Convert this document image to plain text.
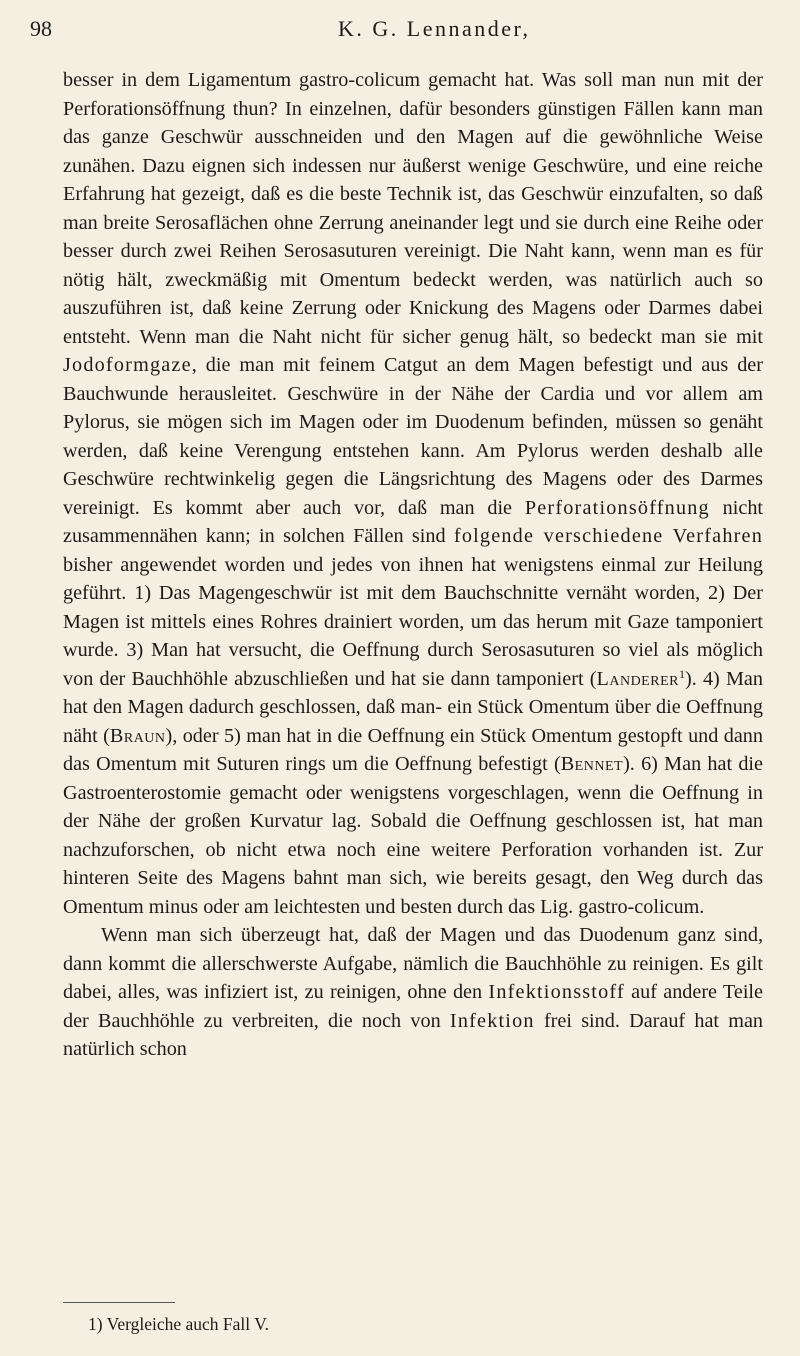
98	K. G. Lennander,

besser in dem Ligamentum gastro-colicum gemacht hat. Was soll man nun mit der Perforationsöffnung thun? In einzelnen, dafür besonders günstigen Fällen kann man das ganze Geschwür ausschneiden und den Magen auf die gewöhnliche Weise zunähen. Dazu eignen sich indessen nur äußerst wenige Geschwüre, und eine reiche Erfahrung hat gezeigt, daß es die beste Technik ist, das Geschwür einzufalten, so daß man breite Serosaflächen ohne Zerrung aneinander legt und sie durch eine Reihe oder besser durch zwei Reihen Serosasuturen vereinigt. Die Naht kann, wenn man es für nötig hält, zweckmäßig mit Omentum bedeckt werden, was natürlich auch so auszuführen ist, daß keine Zerrung oder Knickung des Magens oder Darmes dabei entsteht. Wenn man die Naht nicht für sicher genug hält, so bedeckt man sie mit Jodoformgaze, die man mit feinem Catgut an dem Magen befestigt und aus der Bauchwunde herausleitet. Geschwüre in der Nähe der Cardia und vor allem am Pylorus, sie mögen sich im Magen oder im Duodenum befinden, müssen so genäht werden, daß keine Verengung entstehen kann. Am Pylorus werden deshalb alle Geschwüre rechtwinkelig gegen die Längsrichtung des Magens oder des Darmes vereinigt. Es kommt aber auch vor, daß man die Perforationsöffnung nicht zusammennähen kann; in solchen Fällen sind folgende verschiedene Verfahren bisher angewendet worden und jedes von ihnen hat wenigstens einmal zur Heilung geführt. 1) Das Magengeschwür ist mit dem Bauchschnitte vernäht worden, 2) Der Magen ist mittels eines Rohres drainiert worden, um das herum mit Gaze tamponiert wurde. 3) Man hat versucht, die Oeffnung durch Serosasuturen so viel als möglich von der Bauchhöhle abzuschließen und hat sie dann tamponiert (Landerer$^1$). 4) Man hat den Magen dadurch geschlossen, daß man- ein Stück Omentum über die Oeffnung näht (Braun), oder 5) man hat in die Oeffnung ein Stück Omentum gestopft und dann das Omentum mit Suturen rings um die Oeffnung befestigt (Bennet). 6) Man hat die Gastroenterostomie gemacht oder wenigstens vorgeschlagen, wenn die Oeffnung in der Nähe der großen Kurvatur lag. Sobald die Oeffnung geschlossen ist, hat man nachzuforschen, ob nicht etwa noch eine weitere Perforation vorhanden ist. Zur hinteren Seite des Magens bahnt man sich, wie bereits gesagt, den Weg durch das Omentum minus oder am leichtesten und besten durch das Lig. gastro-colicum.

Wenn man sich überzeugt hat, daß der Magen und das Duodenum ganz sind, dann kommt die allerschwerste Aufgabe, nämlich die Bauchhöhle zu reinigen. Es gilt dabei, alles, was infiziert ist, zu reinigen, ohne den Infektionsstoff auf andere Teile der Bauchhöhle zu verbreiten, die noch von Infektion frei sind. Darauf hat man natürlich schon

1) Vergleiche auch Fall V.
